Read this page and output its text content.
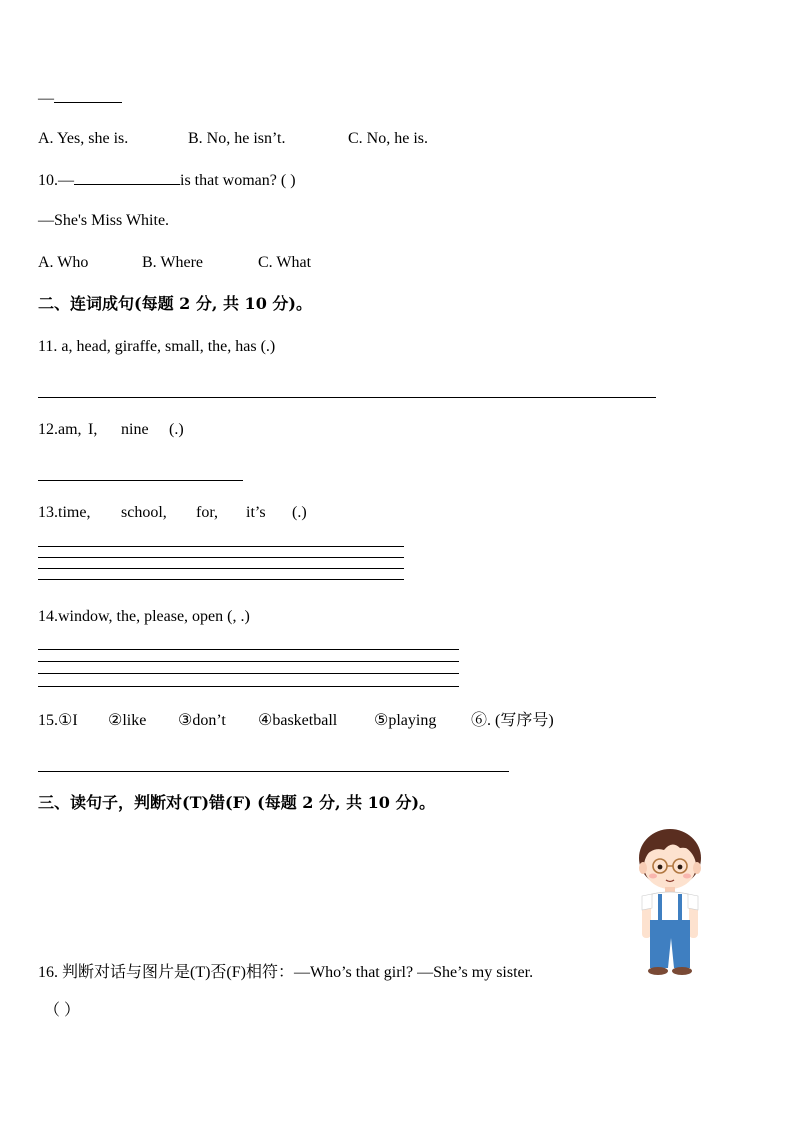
—
A. Yes, she is.	B. No, he isn’t.	C. No, he is.
10.—	is that woman? ( )
—She's Miss White.
A. Who	B. Where	C. What
二、连词成句(每题 2 分, 共 10 分)。
11. a, head, giraffe, small, the, has (.)
12.am, I, nine (.)
13.time, school, for, it’s (.)
14.window, the, please, open (, .)
15.①I ②like ③don’t ④basketball ⑤playing ⑥. (写序号)
三、读句子，判断对(T)错(F) (每题 2 分, 共 10 分)。
16. 判断对话与图片是(T)否(F)相符：—Who’s that girl? —She’s my sister.
（ ）
